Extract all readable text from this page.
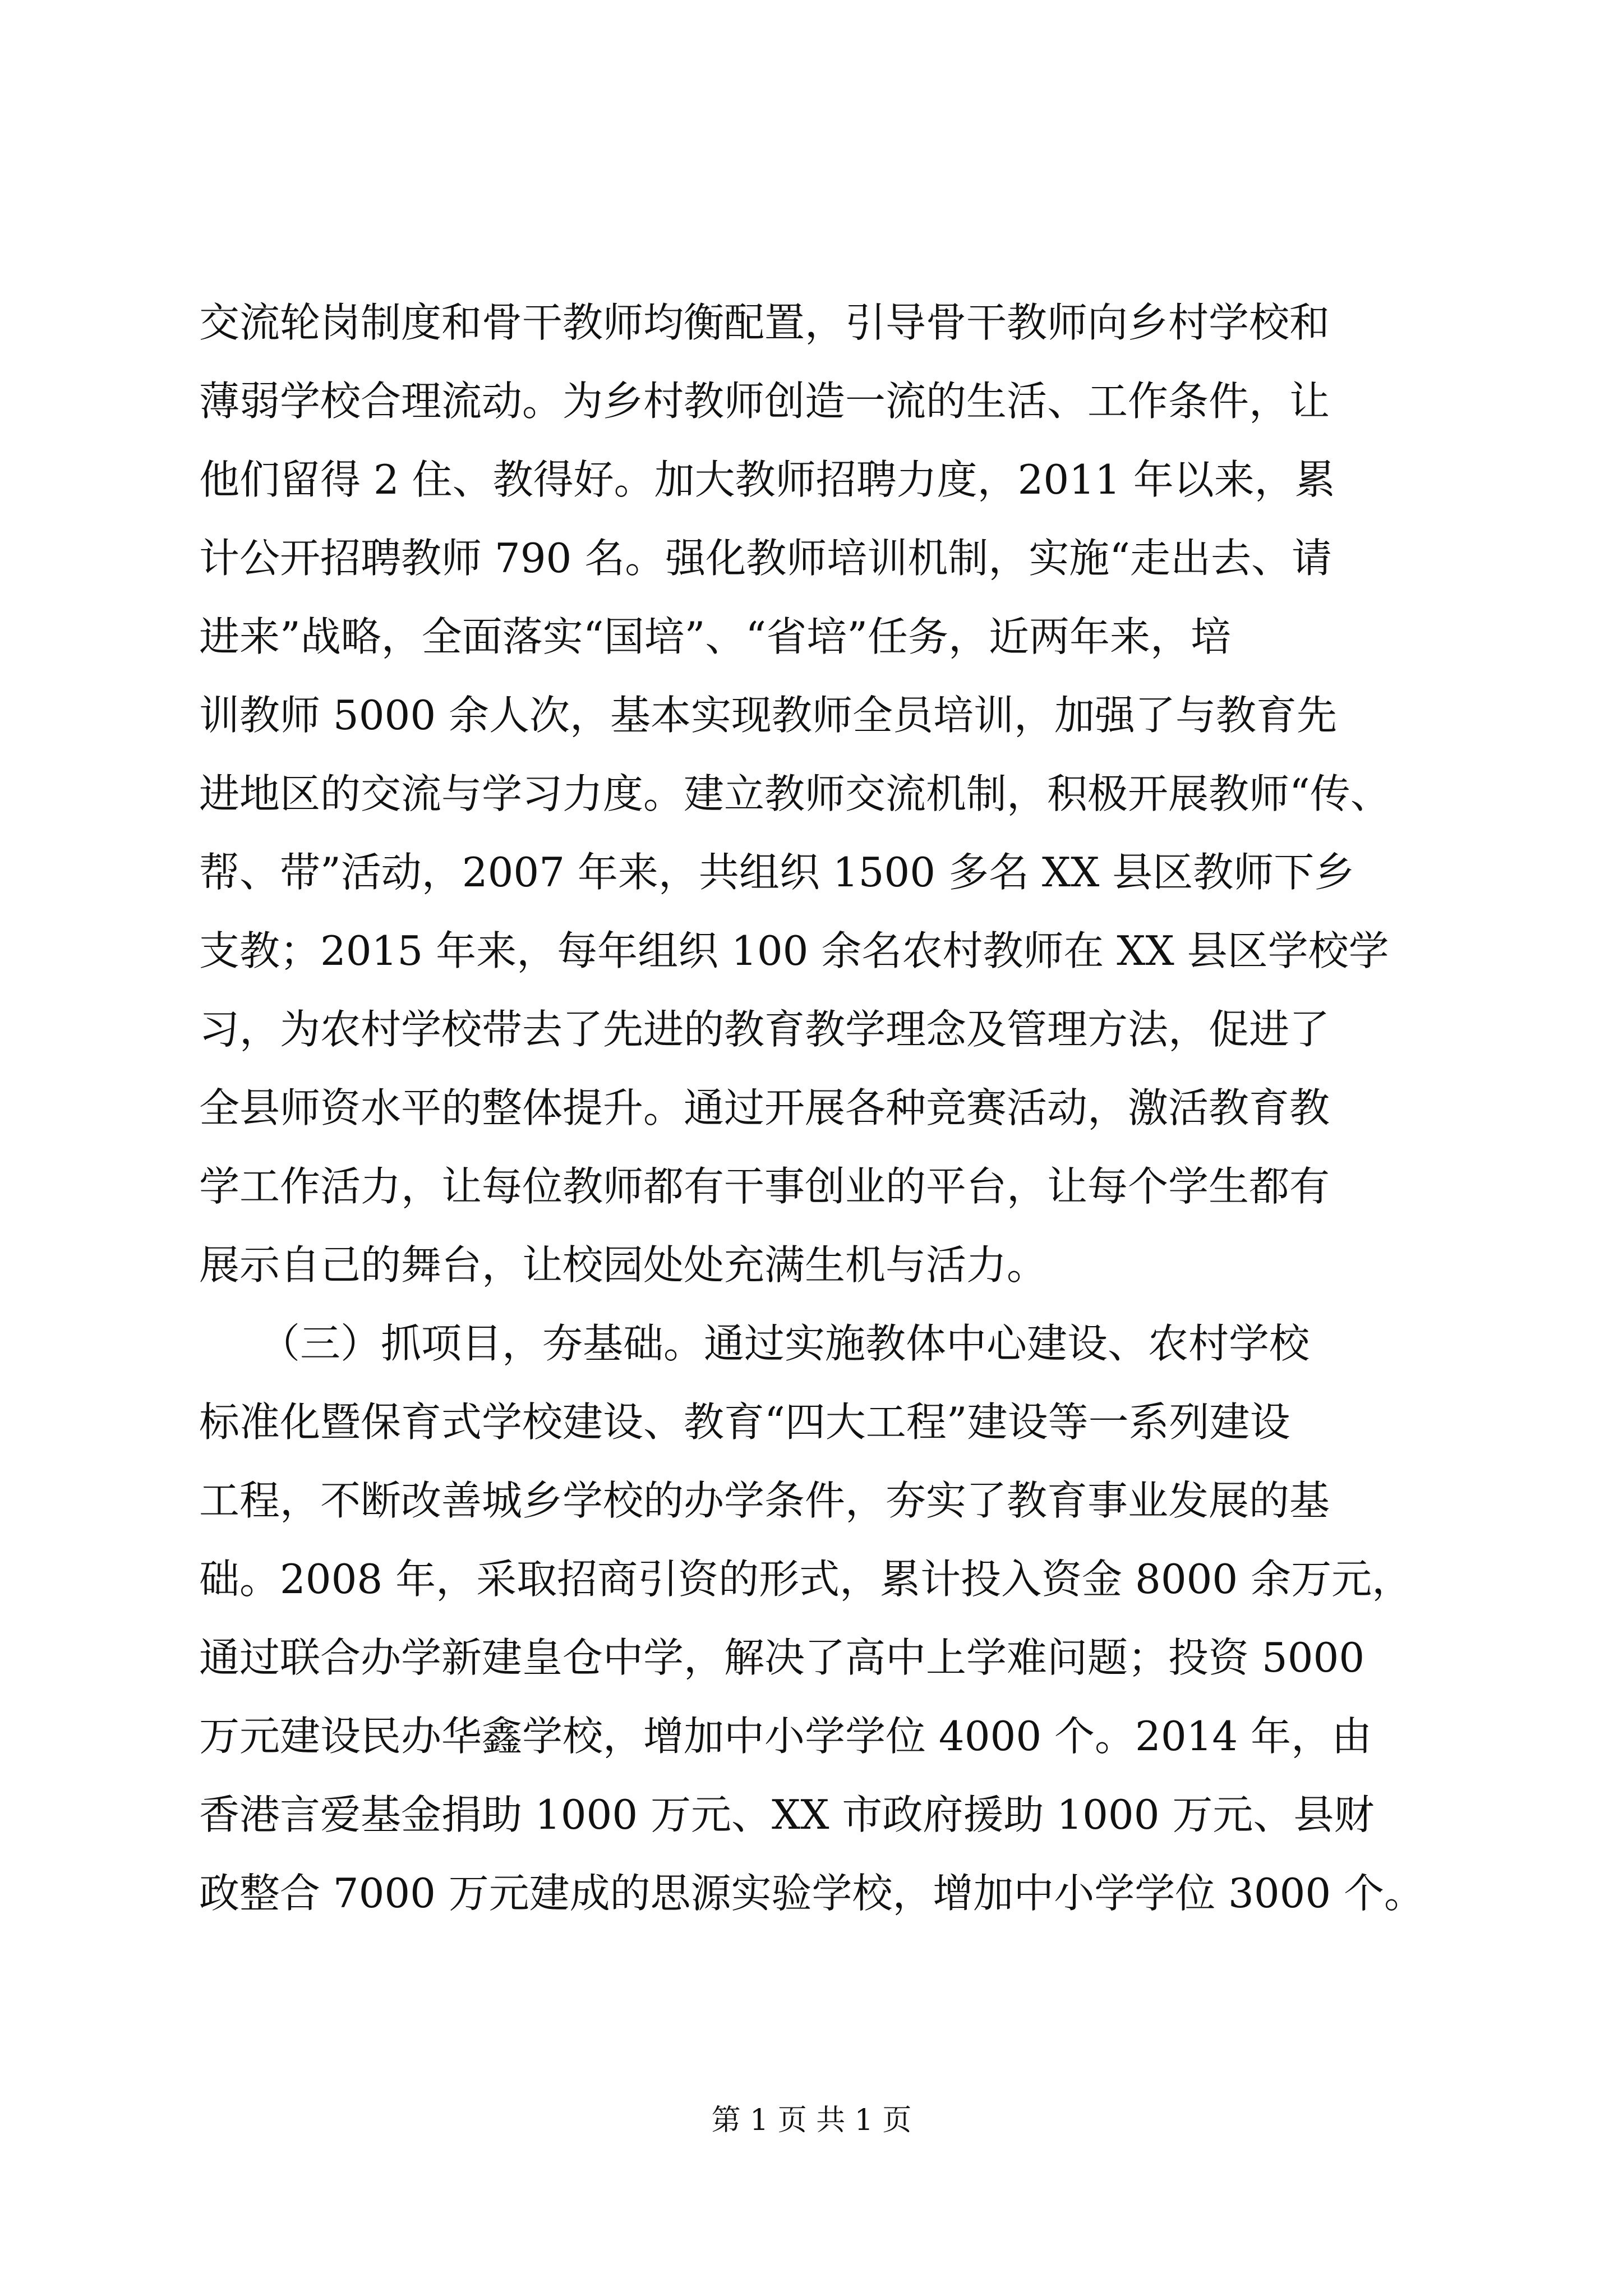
交流轮岗制度和骨干教师均衡配置，引导骨干教师向乡村学校和
薄弱学校合理流动。为乡村教师创造一流的生活、工作条件，让
他们留得 2 住、教得好。加大教师招聘力度，2011 年以来，累
计公开招聘教师 790 名。强化教师培训机制，实施“走出去、请
进来”战略，全面落实“国培”、“省培”任务，近两年来，培
训教师 5000 余人次，基本实现教师全员培训，加强了与教育先
进地区的交流与学习力度。建立教师交流机制，积极开展教师“传、
帮、带”活动，2007 年来，共组织 1500 多名 XX 县区教师下乡
支教；2015 年来，每年组织 100 余名农村教师在 XX 县区学校学
习，为农村学校带去了先进的教育教学理念及管理方法，促进了
全县师资水平的整体提升。通过开展各种竞赛活动，激活教育教
学工作活力，让每位教师都有干事创业的平台，让每个学生都有
展示自己的舞台，让校园处处充满生机与活力。
　　（三）抓项目，夯基础。通过实施教体中心建设、农村学校
标准化暨保育式学校建设、教育“四大工程”建设等一系列建设
工程，不断改善城乡学校的办学条件，夯实了教育事业发展的基
础。2008 年，采取招商引资的形式，累计投入资金 8000 余万元，
通过联合办学新建皇仓中学，解决了高中上学难问题；投资 5000
万元建设民办华鑫学校，增加中小学学位 4000 个。2014 年，由
香港言爱基金捐助 1000 万元、XX 市政府援助 1000 万元、县财
政整合 7000 万元建成的思源实验学校，增加中小学学位 3000 个。
第 1 页 共 1 页
